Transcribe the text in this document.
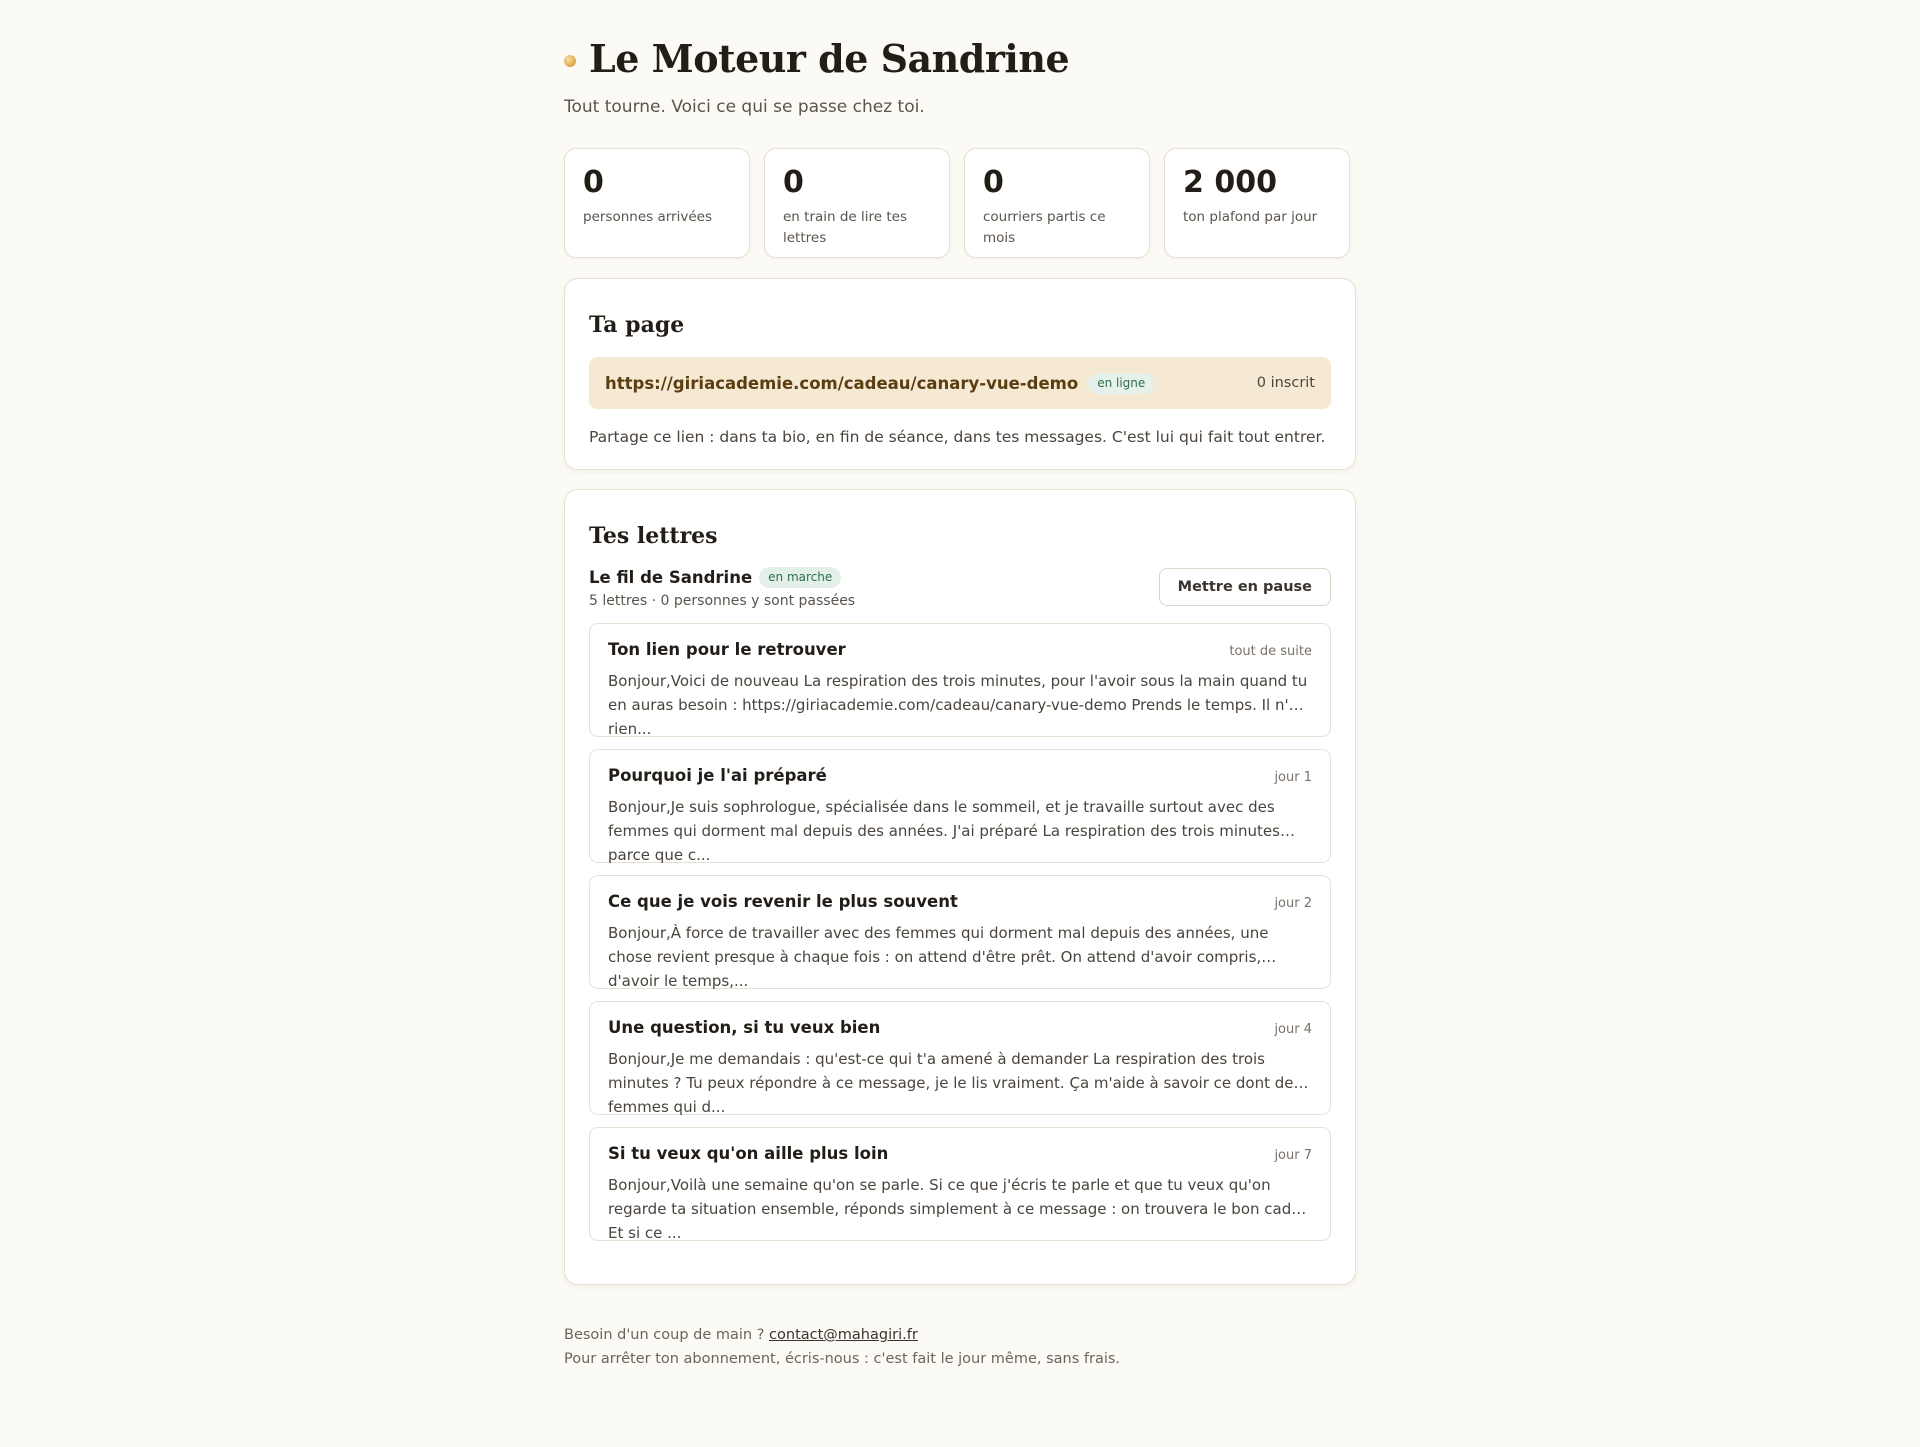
Le Moteur de Sandrine
Tout tourne. Voici ce qui se passe chez toi.
0
personnes arrivées
0
en train de lire tes lettres
0
courriers partis ce mois
2 000
ton plafond par jour
Ta page
https://giriacademie.com/cadeau/canary-vue-demo	en ligne	0 inscrit
Partage ce lien : dans ta bio, en fin de séance, dans tes messages. C'est lui qui fait tout entrer.
Tes lettres
Le fil de Sandrine	en marche
5 lettres · 0 personnes y sont passées
Mettre en pause
Ton lien pour le retrouver	tout de suite
Bonjour,Voici de nouveau La respiration des trois minutes, pour l'avoir sous la main quand tu en auras besoin : https://giriacademie.com/cadeau/canary-vue-demo Prends le temps. Il n'y a rien...
Pourquoi je l'ai préparé	jour 1
Bonjour,Je suis sophrologue, spécialisée dans le sommeil, et je travaille surtout avec des femmes qui dorment mal depuis des années. J'ai préparé La respiration des trois minutes parce que c...
Ce que je vois revenir le plus souvent	jour 2
Bonjour,À force de travailler avec des femmes qui dorment mal depuis des années, une chose revient presque à chaque fois : on attend d'être prêt. On attend d'avoir compris, d'avoir le temps,...
Une question, si tu veux bien	jour 4
Bonjour,Je me demandais : qu'est-ce qui t'a amené à demander La respiration des trois minutes ? Tu peux répondre à ce message, je le lis vraiment. Ça m'aide à savoir ce dont des femmes qui d...
Si tu veux qu'on aille plus loin	jour 7
Bonjour,Voilà une semaine qu'on se parle. Si ce que j'écris te parle et que tu veux qu'on regarde ta situation ensemble, réponds simplement à ce message : on trouvera le bon cadre. Et si ce ...
Besoin d'un coup de main ? contact@mahagiri.fr
Pour arrêter ton abonnement, écris-nous : c'est fait le jour même, sans frais.
